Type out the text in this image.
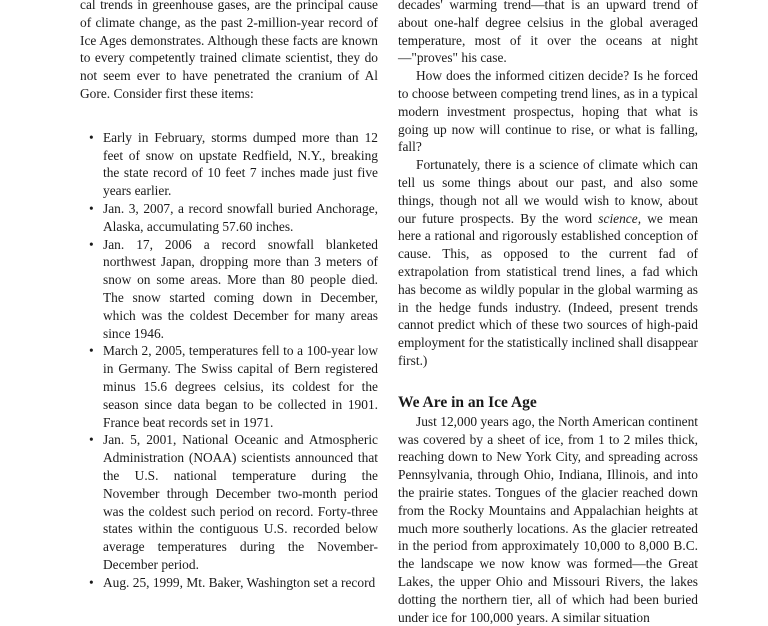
cal trends in greenhouse gases, are the principal cause of climate change, as the past 2-million-year record of Ice Ages demonstrates. Although these facts are known to every competently trained climate scientist, they do not seem ever to have penetrated the cranium of Al Gore. Consider first these items:

• Early in February, storms dumped more than 12 feet of snow on upstate Redfield, N.Y., breaking the state record of 10 feet 7 inches made just five years earlier.
• Jan. 3, 2007, a record snowfall buried Anchorage, Alaska, accumulating 57.60 inches.
• Jan. 17, 2006 a record snowfall blanketed northwest Japan, dropping more than 3 meters of snow on some areas. More than 80 people died. The snow started coming down in December, which was the coldest December for many areas since 1946.
• March 2, 2005, temperatures fell to a 100-year low in Germany. The Swiss capital of Bern registered minus 15.6 degrees celsius, its coldest for the season since data began to be collected in 1901. France beat records set in 1971.
• Jan. 5, 2001, National Oceanic and Atmospheric Administration (NOAA) scientists announced that the U.S. national temperature during the November through December two-month period was the coldest such period on record. Forty-three states within the contiguous U.S. recorded below average temperatures during the November-December period.
• Aug. 25, 1999, Mt. Baker, Washington set a record

decades' warming trend—that is an upward trend of about one-half degree celsius in the global averaged temperature, most of it over the oceans at night—"proves" his case.

How does the informed citizen decide? Is he forced to choose between competing trend lines, as in a typical modern investment prospectus, hoping that what is going up now will continue to rise, or what is falling, fall?

Fortunately, there is a science of climate which can tell us some things about our past, and also some things, though not all we would wish to know, about our future prospects. By the word science, we mean here a rational and rigorously established conception of cause. This, as opposed to the current fad of extrapolation from statistical trend lines, a fad which has become as wildly popular in the global warming as in the hedge funds industry. (Indeed, present trends cannot predict which of these two sources of high-paid employment for the statistically inclined shall disappear first.)

We Are in an Ice Age

Just 12,000 years ago, the North American continent was covered by a sheet of ice, from 1 to 2 miles thick, reaching down to New York City, and spreading across Pennsylvania, through Ohio, Indiana, Illinois, and into the prairie states. Tongues of the glacier reached down from the Rocky Mountains and Appalachian heights at much more southerly locations. As the glacier retreated in the period from approximately 10,000 to 8,000 B.C. the landscape we now know was formed—the Great Lakes, the upper Ohio and Missouri Rivers, the lakes dotting the northern tier, all of which had been buried under ice for 100,000 years. A similar situation
